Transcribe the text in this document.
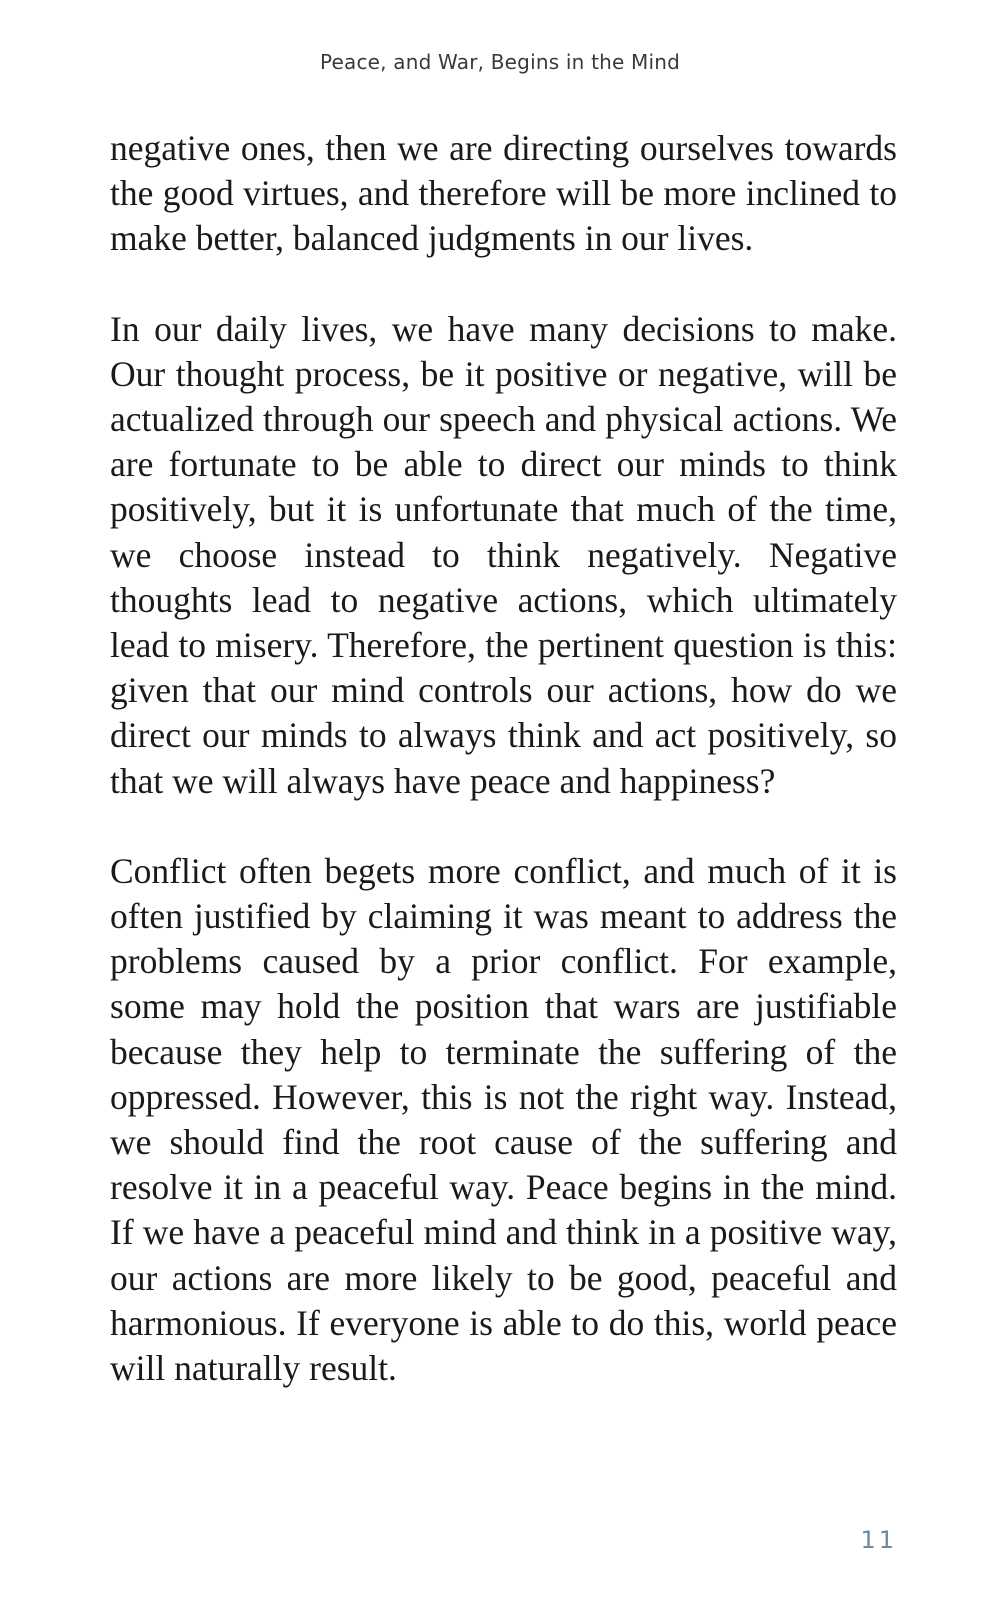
Peace, and War, Begins in the Mind

negative ones, then we are directing ourselves towards the good virtues, and therefore will be more inclined to make better, balanced judgments in our lives.

In our daily lives, we have many decisions to make. Our thought process, be it positive or negative, will be actualized through our speech and physical actions. We are fortunate to be able to direct our minds to think positively, but it is unfortunate that much of the time, we choose instead to think negatively. Negative thoughts lead to negative actions, which ultimately lead to misery. Therefore, the pertinent question is this: given that our mind controls our actions, how do we direct our minds to always think and act positively, so that we will always have peace and happiness?

Conflict often begets more conflict, and much of it is often justified by claiming it was meant to address the problems caused by a prior conflict. For example, some may hold the position that wars are justifiable because they help to terminate the suffering of the oppressed. However, this is not the right way. Instead, we should find the root cause of the suffering and resolve it in a peaceful way. Peace begins in the mind. If we have a peaceful mind and think in a positive way, our actions are more likely to be good, peaceful and harmonious. If everyone is able to do this, world peace will naturally result.

11
